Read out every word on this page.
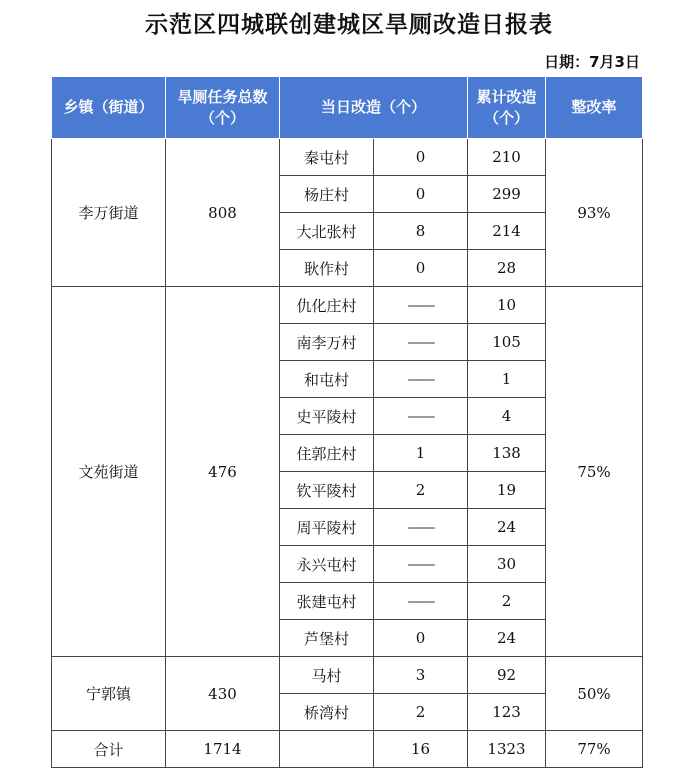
示范区四城联创建城区旱厕改造日报表
日期：7月3日
乡镇（街道）	旱厕任务总数（个）	当日改造（个）		累计改造（个）	整改率
李万街道	808	秦屯村	0	210	93%
		杨庄村	0	299	
		大北张村	8	214	
		耿作村	0	28	
文苑街道	476	仇化庄村	——	10	75%
		南李万村	——	105	
		和屯村	——	1	
		史平陵村	——	4	
		住郭庄村	1	138	
		钦平陵村	2	19	
		周平陵村	——	24	
		永兴屯村	——	30	
		张建屯村	——	2	
		芦堡村	0	24	
宁郭镇	430	马村	3	92	50%
		桥湾村	2	123	
合计	1714		16	1323	77%
